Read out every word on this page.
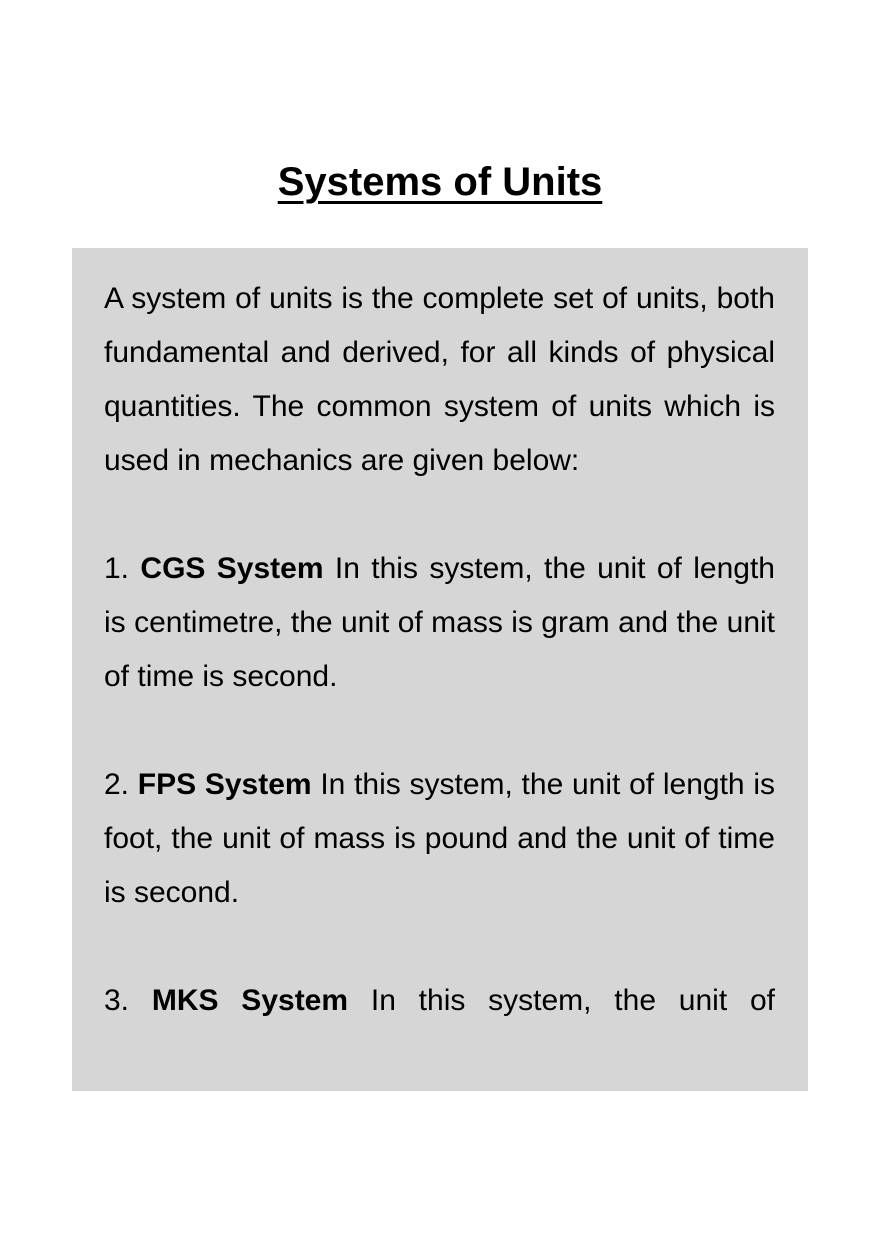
Systems of Units

A system of units is the complete set of units, both fundamental and derived, for all kinds of physical quantities. The common system of units which is used in mechanics are given below:

1. CGS System In this system, the unit of length is centimetre, the unit of mass is gram and the unit of time is second.

2. FPS System In this system, the unit of length is foot, the unit of mass is pound and the unit of time is second.

3. MKS System In this system, the unit of
